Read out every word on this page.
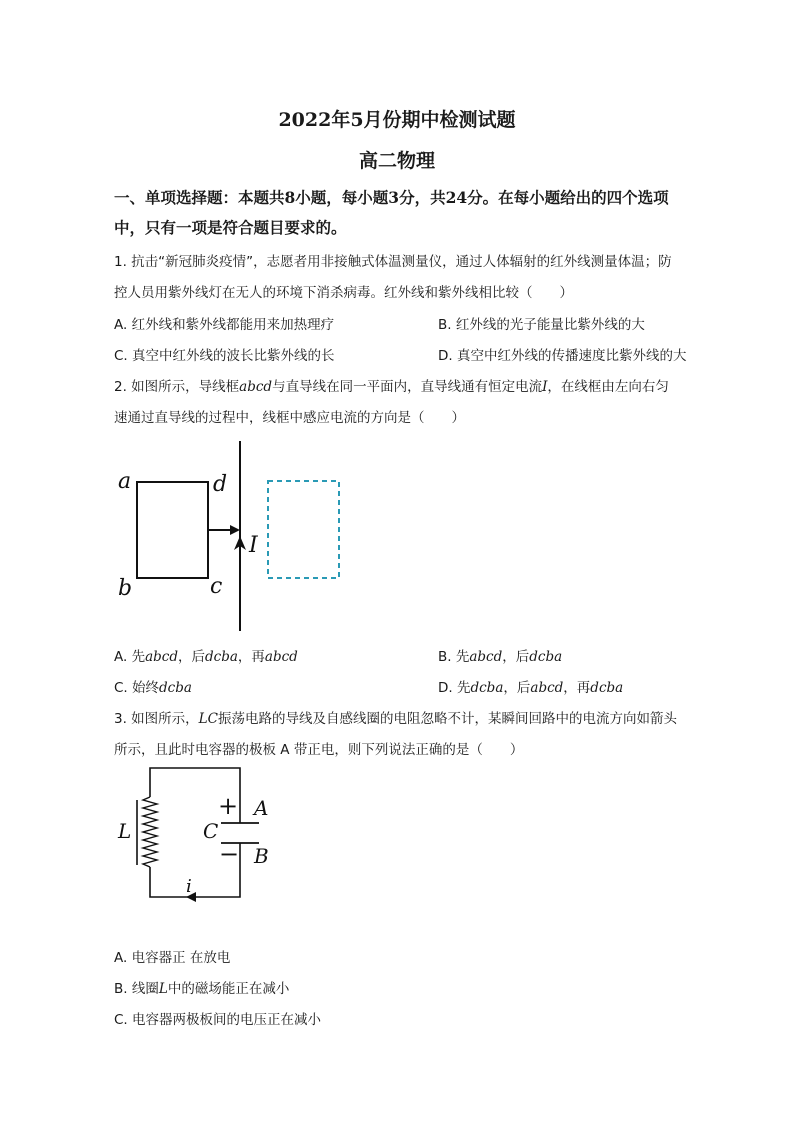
2022年5月份期中检测试题
高二物理
一、单项选择题：本题共8小题，每小题3分，共24分。在每小题给出的四个选项
中，只有一项是符合题目要求的。
1. 抗击“新冠肺炎疫情”，志愿者用非接触式体温测量仪，通过人体辐射的红外线测量体温；防
控人员用紫外线灯在无人的环境下消杀病毒。红外线和紫外线相比较（　　）
A. 红外线和紫外线都能用来加热理疗	B. 红外线的光子能量比紫外线的大
C. 真空中红外线的波长比紫外线的长	D. 真空中红外线的传播速度比紫外线的大
2. 如图所示，导线框abcd与直导线在同一平面内，直导线通有恒定电流I，在线框由左向右匀
速通过直导线的过程中，线框中感应电流的方向是（　　）
a	d
b	c
I
+
−
L	C
A
B
i
A. 先abcd，后dcba，再abcd	B. 先abcd，后dcba
C. 始终dcba	D. 先dcba，后abcd，再dcba
3. 如图所示，LC振荡电路的导线及自感线圈的电阻忽略不计，某瞬间回路中的电流方向如箭头
所示，且此时电容器的极板 A 带正电，则下列说法正确的是（　　）
A. 电容器正 在放电
B. 线圈L中的磁场能正在减小
C. 电容器两极板间的电压正在减小
